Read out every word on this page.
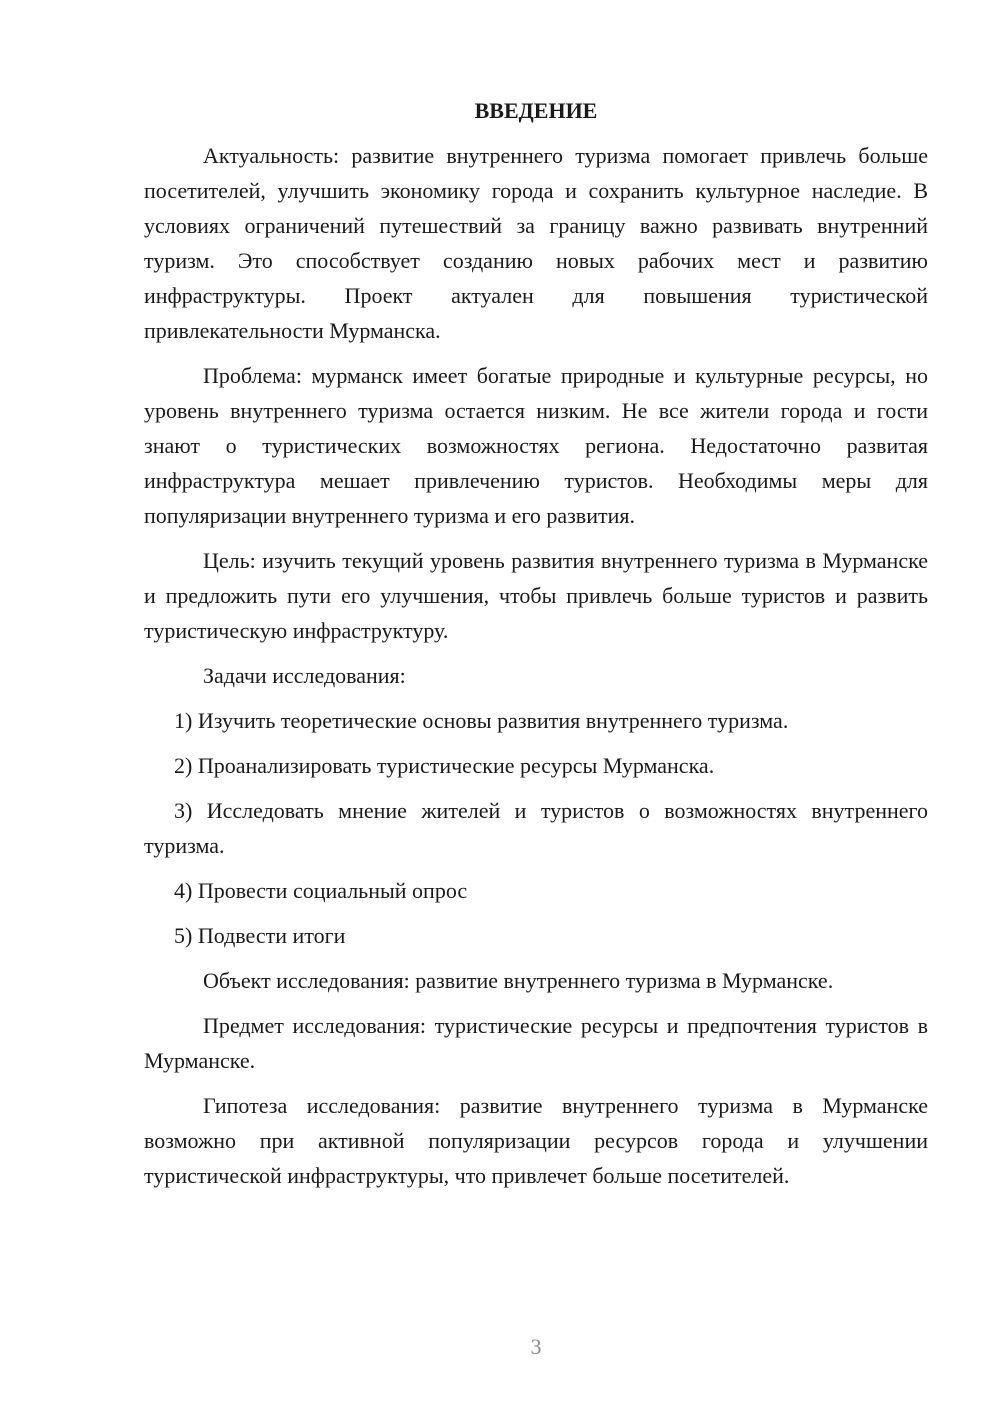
ВВЕДЕНИЕ

Актуальность: развитие внутреннего туризма помогает привлечь больше посетителей, улучшить экономику города и сохранить культурное наследие. В условиях ограничений путешествий за границу важно развивать внутренний туризм. Это способствует созданию новых рабочих мест и развитию инфраструктуры. Проект актуален для повышения туристической привлекательности Мурманска.

Проблема: мурманск имеет богатые природные и культурные ресурсы, но уровень внутреннего туризма остается низким. Не все жители города и гости знают о туристических возможностях региона. Недостаточно развитая инфраструктура мешает привлечению туристов. Необходимы меры для популяризации внутреннего туризма и его развития.

Цель: изучить текущий уровень развития внутреннего туризма в Мурманске и предложить пути его улучшения, чтобы привлечь больше туристов и развить туристическую инфраструктуру.

Задачи исследования:

1) Изучить теоретические основы развития внутреннего туризма.

2) Проанализировать туристические ресурсы Мурманска.

3) Исследовать мнение жителей и туристов о возможностях внутреннего туризма.

4) Провести социальный опрос

5) Подвести итоги

Объект исследования: развитие внутреннего туризма в Мурманске.

Предмет исследования: туристические ресурсы и предпочтения туристов в Мурманске.

Гипотеза исследования: развитие внутреннего туризма в Мурманске возможно при активной популяризации ресурсов города и улучшении туристической инфраструктуры, что привлечет больше посетителей.

3
